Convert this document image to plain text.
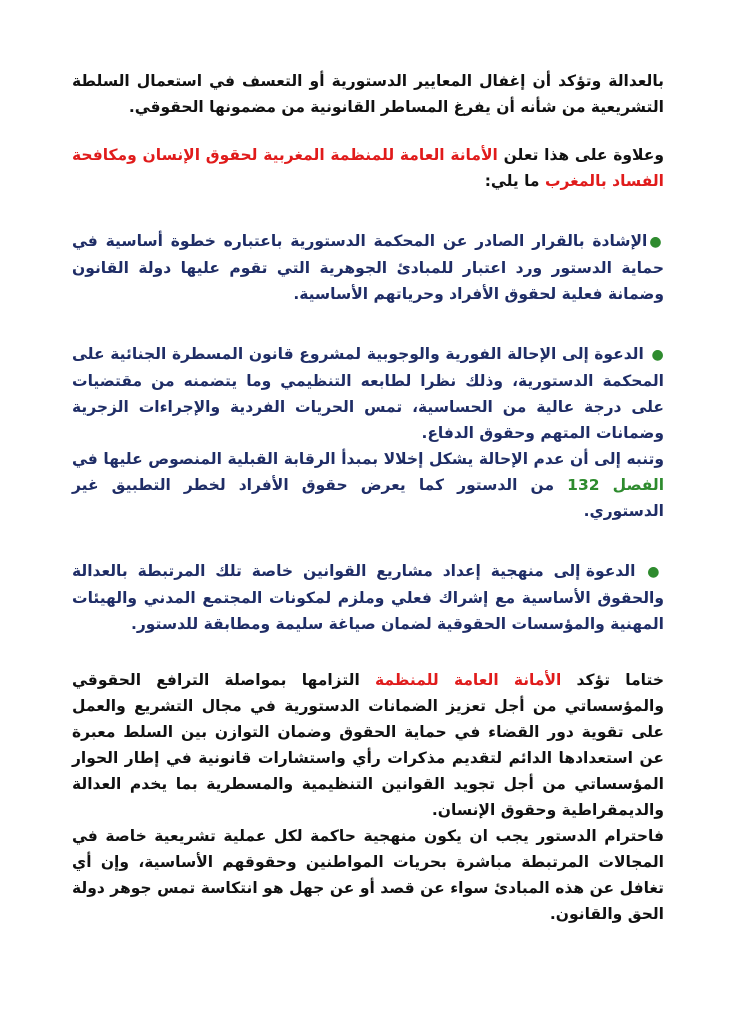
بالعدالة وتؤكد أن إغفال المعايير الدستورية أو التعسف في استعمال السلطة التشريعية من شأنه أن يفرغ المساطر القانونية من مضمونها الحقوقي.

وعلاوة على هذا تعلن الأمانة العامة للمنظمة المغربية لحقوق الإنسان ومكافحة الفساد بالمغرب ما يلي:

●الإشادة بالقرار الصادر عن المحكمة الدستورية باعتباره خطوة أساسية في حماية الدستور ورد اعتبار للمبادئ الجوهرية التي تقوم عليها دولة القانون وضمانة فعلية لحقوق الأفراد وحرياتهم الأساسية.

● الدعوة إلى الإحالة الفورية والوجوبية لمشروع قانون المسطرة الجنائية على المحكمة الدستورية، وذلك نظرا لطابعه التنظيمي وما يتضمنه من مقتضيات على درجة عالية من الحساسية، تمس الحريات الفردية والإجراءات الزجرية وضمانات المتهم وحقوق الدفاع.

وتنبه إلى أن عدم الإحالة يشكل إخلالا بمبدأ الرقابة القبلية المنصوص عليها في الفصل 132 من الدستور كما يعرض حقوق الأفراد لخطر التطبيق غير الدستوري.

● الدعوة إلى منهجية إعداد مشاريع القوانين خاصة تلك المرتبطة بالعدالة والحقوق الأساسية مع إشراك فعلي وملزم لمكونات المجتمع المدني والهيئات المهنية والمؤسسات الحقوقية لضمان صياغة سليمة ومطابقة للدستور.

ختاما تؤكد الأمانة العامة للمنظمة التزامها بمواصلة الترافع الحقوقي والمؤسساتي من أجل تعزيز الضمانات الدستورية في مجال التشريع والعمل على تقوية دور القضاء في حماية الحقوق وضمان التوازن بين السلط معبرة عن استعدادها الدائم لتقديم مذكرات رأي واستشارات قانونية في إطار الحوار المؤسساتي من أجل تجويد القوانين التنظيمية والمسطرية بما يخدم العدالة والديمقراطية وحقوق الإنسان.

فاحترام الدستور يجب ان يكون منهجية حاكمة لكل عملية تشريعية خاصة في المجالات المرتبطة مباشرة بحريات المواطنين وحقوقهم الأساسية، وإن أي تغافل عن هذه المبادئ سواء عن قصد أو عن جهل هو انتكاسة تمس جوهر دولة الحق والقانون.
